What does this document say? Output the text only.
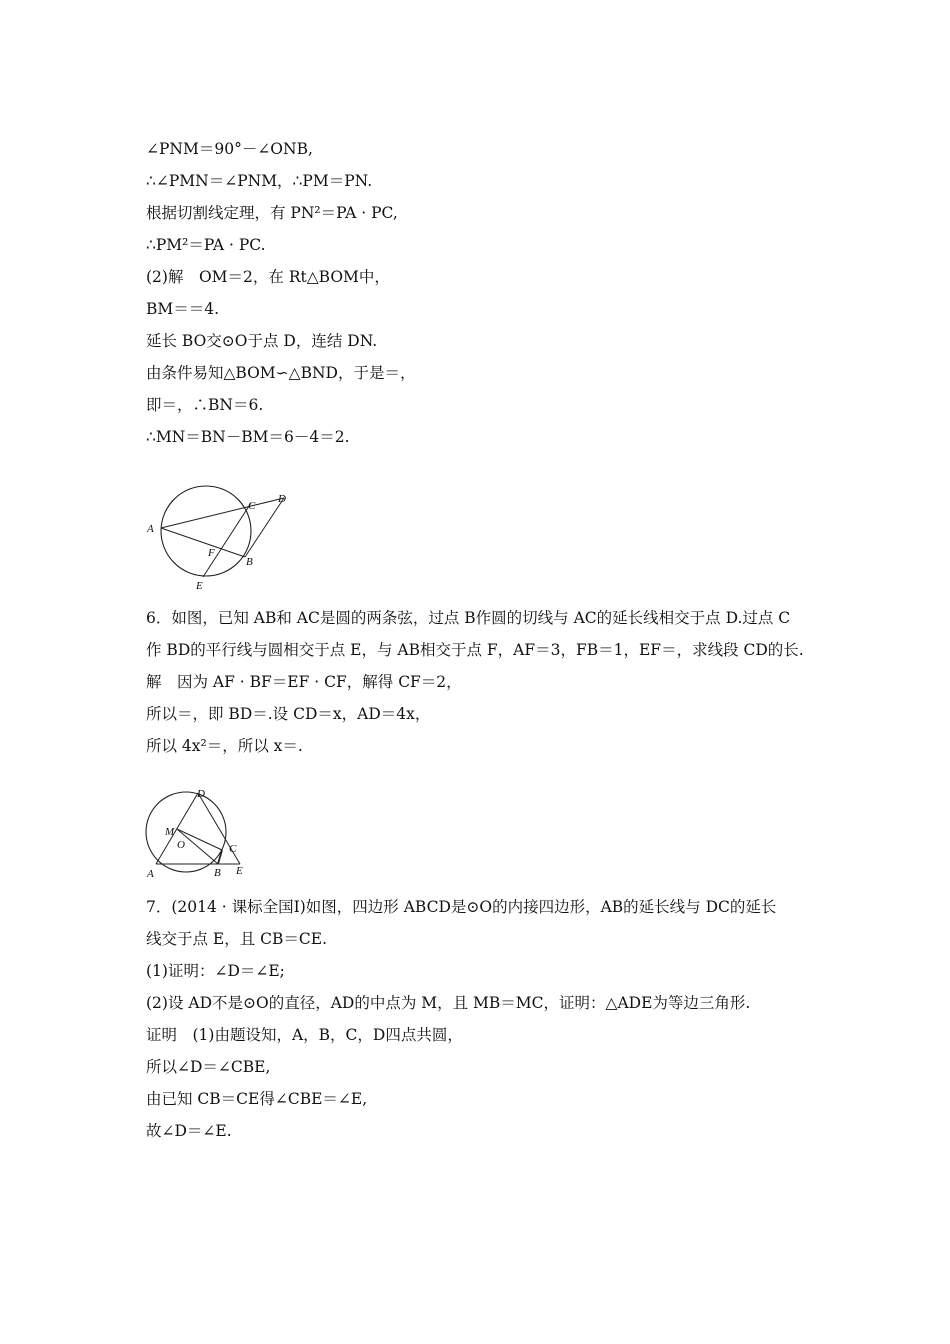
∠PNM＝90°－∠ONB,
∴∠PMN＝∠PNM，∴PM＝PN.
根据切割线定理，有 PN²＝PA · PC,
∴PM²＝PA · PC.
(2)解　OM＝2，在 Rt△BOM中，
BM＝＝4.
延长 BO交⊙O于点 D，连结 DN.
由条件易知△BOM∽△BND，于是＝，
即＝，∴BN＝6.
∴MN＝BN－BM＝6－4＝2.
A
C
D
F
B
E
6．如图，已知 AB和 AC是圆的两条弦，过点 B作圆的切线与 AC的延长线相交于点 D.过点 C
作 BD的平行线与圆相交于点 E，与 AB相交于点 F，AF＝3，FB＝1，EF＝，求线段 CD的长.
解　因为 AF · BF＝EF · CF，解得 CF＝2，
所以＝，即 BD＝.设 CD＝x，AD＝4x，
所以 4x²＝，所以 x＝.
D
M
O	C
A	B E
7．(2014 · 课标全国Ⅰ)如图，四边形 ABCD是⊙O的内接四边形，AB的延长线与 DC的延长
线交于点 E，且 CB＝CE.
(1)证明：∠D＝∠E;
(2)设 AD不是⊙O的直径，AD的中点为 M，且 MB＝MC，证明：△ADE为等边三角形.
证明　(1)由题设知，A，B，C，D四点共圆，
所以∠D＝∠CBE,
由已知 CB＝CE得∠CBE＝∠E,
故∠D＝∠E.
